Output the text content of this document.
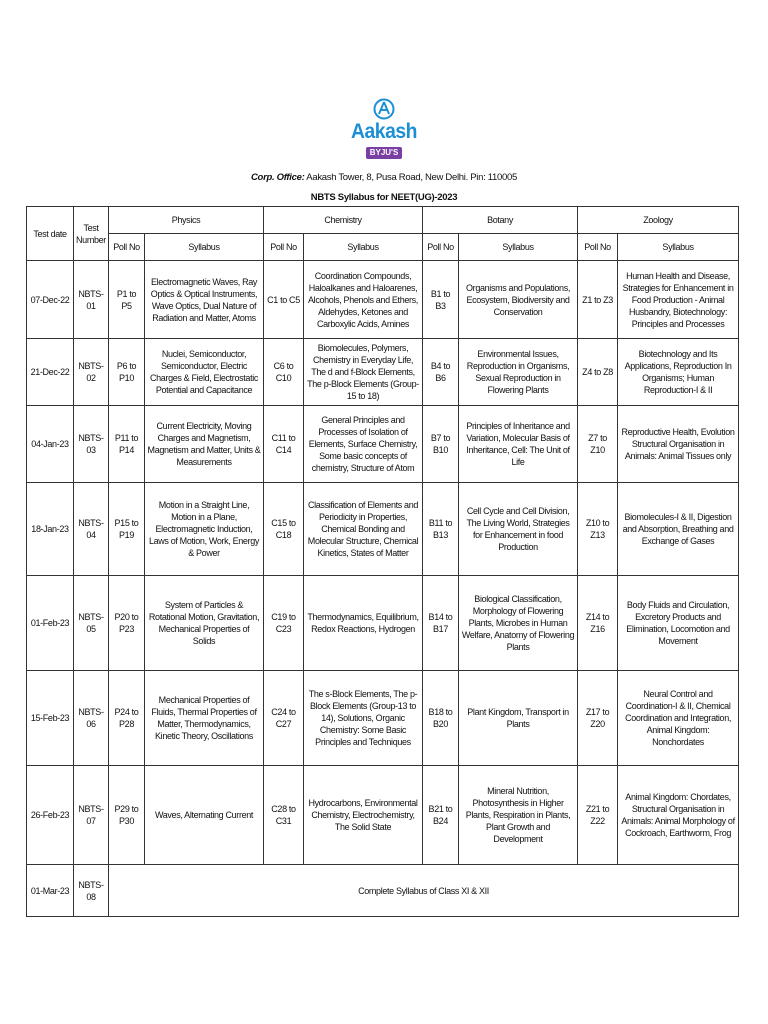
Aakash
BYJU'S
Corp. Office: Aakash Tower, 8, Pusa Road, New Delhi. Pin: 110005
NBTS Syllabus for NEET(UG)-2023
Test date	Test Number	Physics		Chemistry		Botany		Zoology	
		Poll No	Syllabus	Poll No	Syllabus	Poll No	Syllabus	Poll No	Syllabus
07-Dec-22	NBTS-01	P1 to P5	Electromagnetic Waves, Ray Optics & Optical Instruments, Wave Optics, Dual Nature of Radiation and Matter, Atoms	C1 to C5	Coordination Compounds, Haloalkanes and Haloarenes, Alcohols, Phenols and Ethers, Aldehydes, Ketones and Carboxylic Acids, Amines	B1 to B3	Organisms and Populations, Ecosystem, Biodiversity and Conservation	Z1 to Z3	Human Health and Disease, Strategies for Enhancement in Food Production - Animal Husbandry, Biotechnology: Principles and Processes
21-Dec-22	NBTS-02	P6 to P10	Nuclei, Semiconductor, Semiconductor, Electric Charges & Field, Electrostatic Potential and Capacitance	C6 to C10	Biomolecules, Polymers, Chemistry in Everyday Life, The d and f-Block Elements, The p-Block Elements (Group-15 to 18)	B4 to B6	Environmental Issues, Reproduction in Organisms, Sexual Reproduction in Flowering Plants	Z4 to Z8	Biotechnology and Its Applications, Reproduction In Organisms; Human Reproduction-I & II
04-Jan-23	NBTS-03	P11 to P14	Current Electricity, Moving Charges and Magnetism, Magnetism and Matter, Units & Measurements	C11 to C14	General Principles and Processes of Isolation of Elements, Surface Chemistry, Some basic concepts of chemistry, Structure of Atom	B7 to B10	Principles of Inheritance and Variation, Molecular Basis of Inheritance, Cell: The Unit of Life	Z7 to Z10	Reproductive Health, Evolution Structural Organisation in Animals: Animal Tissues only
18-Jan-23	NBTS-04	P15 to P19	Motion in a Straight Line, Motion in a Plane, Electromagnetic Induction, Laws of Motion, Work, Energy & Power	C15 to C18	Classification of Elements and Periodicity in Properties, Chemical Bonding and Molecular Structure, Chemical Kinetics, States of Matter	B11 to B13	Cell Cycle and Cell Division, The Living World, Strategies for Enhancement in food Production	Z10 to Z13	Biomolecules-I & II, Digestion and Absorption, Breathing and Exchange of Gases
01-Feb-23	NBTS-05	P20 to P23	System of Particles & Rotational Motion, Gravitation, Mechanical Properties of Solids	C19 to C23	Thermodynamics, Equilibrium, Redox Reactions, Hydrogen	B14 to B17	Biological Classification, Morphology of Flowering Plants, Microbes in Human Welfare, Anatomy of Flowering Plants	Z14 to Z16	Body Fluids and Circulation, Excretory Products and Elimination, Locomotion and Movement
15-Feb-23	NBTS-06	P24 to P28	Mechanical Properties of Fluids, Thermal Properties of Matter, Thermodynamics, Kinetic Theory, Oscillations	C24 to C27	The s-Block Elements, The p-Block Elements (Group-13 to 14), Solutions, Organic Chemistry: Some Basic Principles and Techniques	B18 to B20	Plant Kingdom, Transport in Plants	Z17 to Z20	Neural Control and Coordination-I & II, Chemical Coordination and Integration, Animal Kingdom: Nonchordates
26-Feb-23	NBTS-07	P29 to P30	Waves, Alternating Current	C28 to C31	Hydrocarbons, Environmental Chemistry, Electrochemistry, The Solid State	B21 to B24	Mineral Nutrition, Photosynthesis in Higher Plants, Respiration in Plants, Plant Growth and Development	Z21 to Z22	Animal Kingdom: Chordates, Structural Organisation in Animals: Animal Morphology of Cockroach, Earthworm, Frog
01-Mar-23	NBTS-08	Complete Syllabus of Class XI & XII							
